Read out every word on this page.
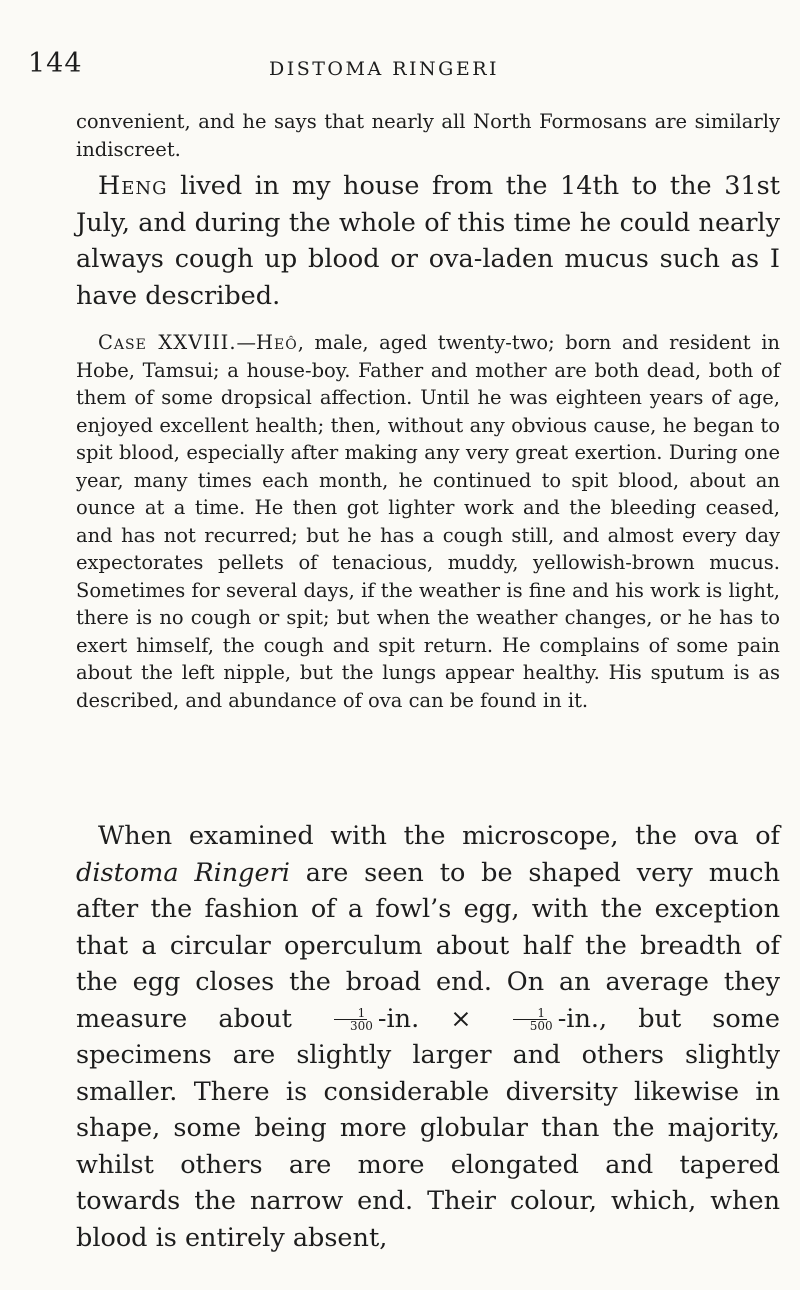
144	DISTOMA RINGERI

convenient, and he says that nearly all North Formosans are similarly indiscreet.

Heng lived in my house from the 14th to the 31st July, and during the whole of this time he could nearly always cough up blood or ova-laden mucus such as I have described.

Case XXVIII.—Heô, male, aged twenty-two; born and resident in Hobe, Tamsui; a house-boy. Father and mother are both dead, both of them of some dropsical affection. Until he was eighteen years of age, enjoyed excellent health; then, without any obvious cause, he began to spit blood, especially after making any very great exertion. During one year, many times each month, he continued to spit blood, about an ounce at a time. He then got lighter work and the bleeding ceased, and has not recurred; but he has a cough still, and almost every day expectorates pellets of tenacious, muddy, yellowish-brown mucus. Sometimes for several days, if the weather is fine and his work is light, there is no cough or spit; but when the weather changes, or he has to exert himself, the cough and spit return. He complains of some pain about the left nipple, but the lungs appear healthy. His sputum is as described, and abundance of ova can be found in it.

When examined with the microscope, the ova of distoma Ringeri are seen to be shaped very much after the fashion of a fowl’s egg, with the exception that a circular operculum about half the breadth of the egg closes the broad end. On an average they measure about $\frac{1}{300} -in$. × $\frac{1}{500} -in$., but some specimens are slightly larger and others slightly smaller. There is considerable diversity likewise in shape, some being more globular than the majority, whilst others are more elongated and tapered towards the narrow end. Their colour, which, when blood is entirely absent,
